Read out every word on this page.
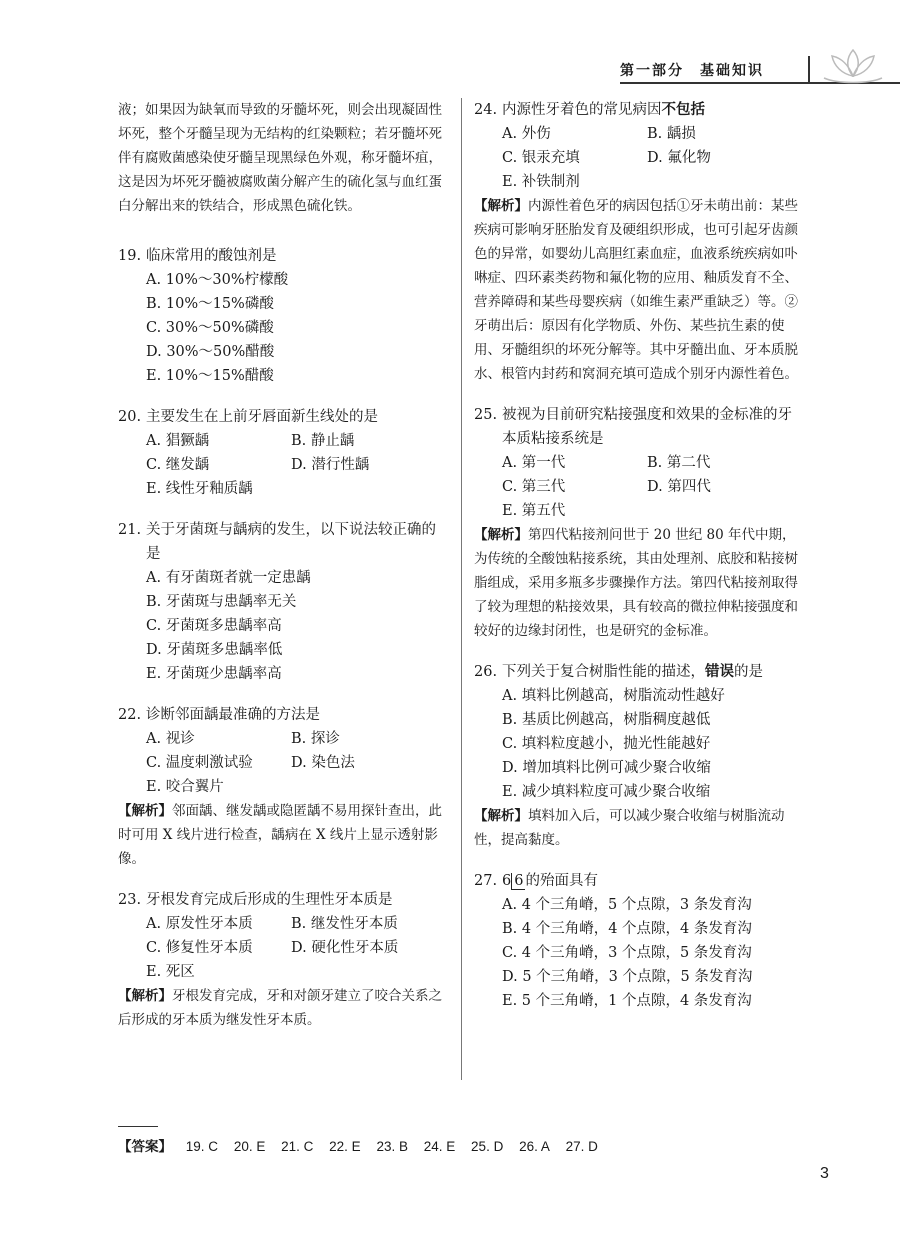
第一部分　基础知识
液；如果因为缺氧而导致的牙髓坏死，则会出现凝固性坏死，整个牙髓呈现为无结构的红染颗粒；若牙髓坏死伴有腐败菌感染使牙髓呈现黑绿色外观，称牙髓坏疽，这是因为坏死牙髓被腐败菌分解产生的硫化氢与血红蛋白分解出来的铁结合，形成黑色硫化铁。
19. 临床常用的酸蚀剂是
A. 10%～30%柠檬酸
B. 10%～15%磷酸
C. 30%～50%磷酸
D. 30%～50%醋酸
E. 10%～15%醋酸
20. 主要发生在上前牙唇面新生线处的是
A. 猖獗龋	B. 静止龋
C. 继发龋	D. 潜行性龋
E. 线性牙釉质龋
21. 关于牙菌斑与龋病的发生，以下说法较正确的是
A. 有牙菌斑者就一定患龋
B. 牙菌斑与患龋率无关
C. 牙菌斑多患龋率高
D. 牙菌斑多患龋率低
E. 牙菌斑少患龋率高
22. 诊断邻面龋最准确的方法是
A. 视诊	B. 探诊
C. 温度刺激试验	D. 染色法
E. 咬合翼片
【解析】邻面龋、继发龋或隐匿龋不易用探针查出，此时可用 X 线片进行检查，龋病在 X 线片上显示透射影像。
23. 牙根发育完成后形成的生理性牙本质是
A. 原发性牙本质	B. 继发性牙本质
C. 修复性牙本质	D. 硬化性牙本质
E. 死区
【解析】牙根发育完成，牙和对颌牙建立了咬合关系之后形成的牙本质为继发性牙本质。
24. 内源性牙着色的常见病因不包括
A. 外伤	B. 龋损
C. 银汞充填	D. 氟化物
E. 补铁制剂
【解析】内源性着色牙的病因包括①牙未萌出前：某些疾病可影响牙胚胎发育及硬组织形成，也可引起牙齿颜色的异常，如婴幼儿高胆红素血症，血液系统疾病如卟啉症、四环素类药物和氟化物的应用、釉质发育不全、营养障碍和某些母婴疾病（如维生素严重缺乏）等。②牙萌出后：原因有化学物质、外伤、某些抗生素的使用、牙髓组织的坏死分解等。其中牙髓出血、牙本质脱水、根管内封药和窝洞充填可造成个别牙内源性着色。
25. 被视为目前研究粘接强度和效果的金标准的牙本质粘接系统是
A. 第一代	B. 第二代
C. 第三代	D. 第四代
E. 第五代
【解析】第四代粘接剂问世于 20 世纪 80 年代中期，为传统的全酸蚀粘接系统，其由处理剂、底胶和粘接树脂组成，采用多瓶多步骤操作方法。第四代粘接剂取得了较为理想的粘接效果，具有较高的微拉伸粘接强度和较好的边缘封闭性，也是研究的金标准。
26. 下列关于复合树脂性能的描述，错误的是
A. 填料比例越高，树脂流动性越好
B. 基质比例越高，树脂稠度越低
C. 填料粒度越小，抛光性能越好
D. 增加填料比例可减少聚合收缩
E. 减少填料粒度可减少聚合收缩
【解析】填料加入后，可以减少聚合收缩与树脂流动性，提高黏度。
27. 6 6 的殆面具有
A. 4 个三角嵴，5 个点隙，3 条发育沟
B. 4 个三角嵴，4 个点隙，4 条发育沟
C. 4 个三角嵴，3 个点隙，5 条发育沟
D. 5 个三角嵴，3 个点隙，5 条发育沟
E. 5 个三角嵴，1 个点隙，4 条发育沟
【答案】 19. C 20. E 21. C 22. E 23. B 24. E 25. D 26. A 27. D
3
